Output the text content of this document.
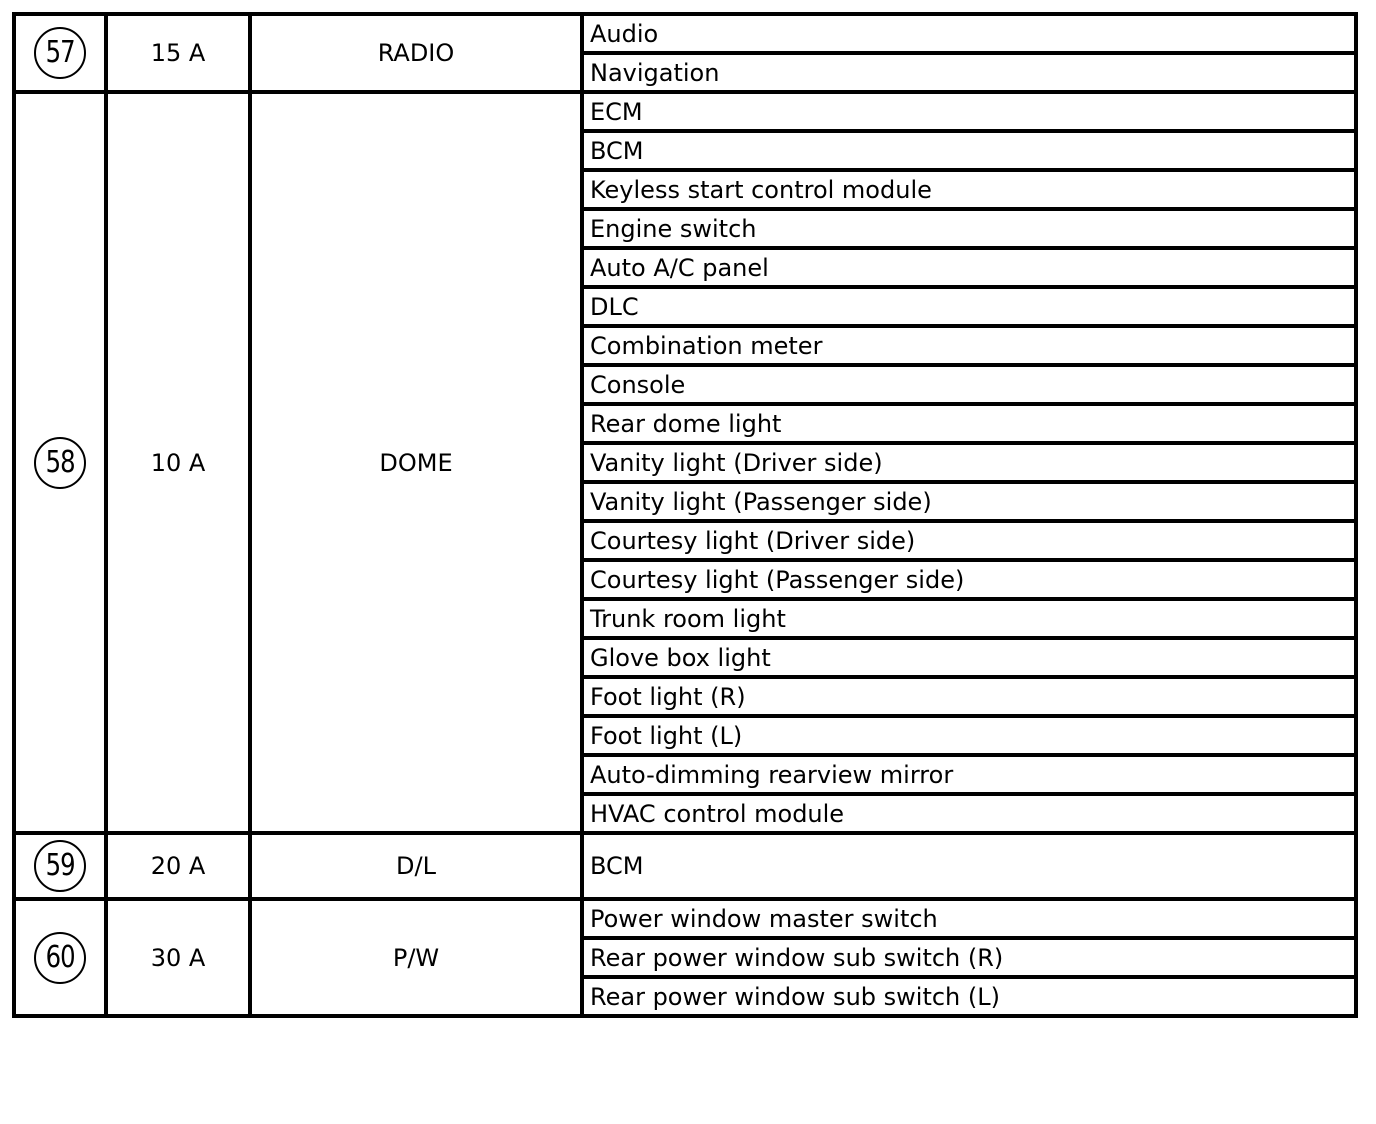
57	15 A	RADIO	Audio
			Navigation

58	10 A	DOME	ECM
			BCM
			Keyless start control module
			Engine switch
			Auto A/C panel
			DLC
			Combination meter
			Console
			Rear dome light
			Vanity light (Driver side)
			Vanity light (Passenger side)
			Courtesy light (Driver side)
			Courtesy light (Passenger side)
			Trunk room light
			Glove box light
			Foot light (R)
			Foot light (L)
			Auto-dimming rearview mirror
			HVAC control module

59	20 A	D/L	BCM

60	30 A	P/W	Power window master switch
			Rear power window sub switch (R)
			Rear power window sub switch (L)
